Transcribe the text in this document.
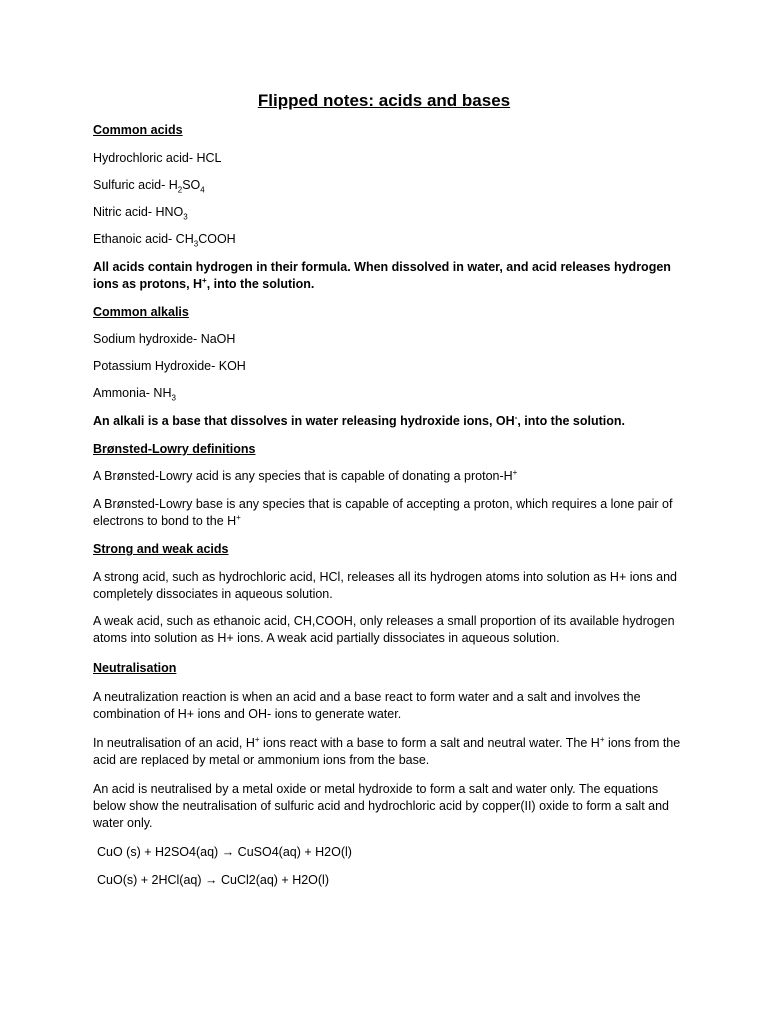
Flipped notes: acids and bases
Common acids
Hydrochloric acid- HCL
Sulfuric acid- $H_2SO_4$
Nitric acid- $HNO_3$
Ethanoic acid- $CH_3COOH$
All acids contain hydrogen in their formula. When dissolved in water, and acid releases hydrogen ions as protons, H+, into the solution.
Common alkalis
Sodium hydroxide- NaOH
Potassium Hydroxide- KOH
Ammonia- $NH_3$
An alkali is a base that dissolves in water releasing hydroxide ions, OH-, into the solution.
Brønsted-Lowry definitions
A Brønsted-Lowry acid is any species that is capable of donating a proton-H+
A Brønsted-Lowry base is any species that is capable of accepting a proton, which requires a lone pair of electrons to bond to the H+
Strong and weak acids
A strong acid, such as hydrochloric acid, HCl, releases all its hydrogen atoms into solution as H+ ions and completely dissociates in aqueous solution.
A weak acid, such as ethanoic acid, CH,COOH, only releases a small proportion of its available hydrogen atoms into solution as H+ ions. A weak acid partially dissociates in aqueous solution.
Neutralisation
A neutralization reaction is when an acid and a base react to form water and a salt and involves the combination of H+ ions and OH- ions to generate water.
In neutralisation of an acid, H+ ions react with a base to form a salt and neutral water. The H+ ions from the acid are replaced by metal or ammonium ions from the base.
An acid is neutralised by a metal oxide or metal hydroxide to form a salt and water only. The equations below show the neutralisation of sulfuric acid and hydrochloric acid by copper(II) oxide to form a salt and water only.
CuO (s) + H2SO4(aq) → CuSO4(aq) + H2O(l)
CuO(s) + 2HCl(aq) → CuCl2(aq) + H2O(l)
